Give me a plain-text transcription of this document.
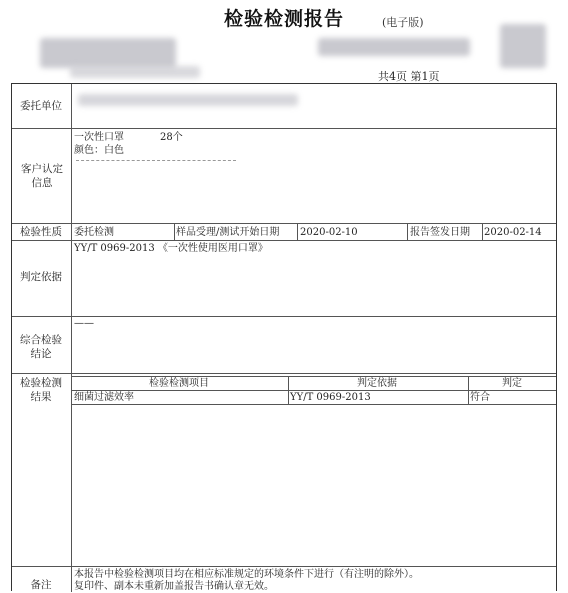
检验检测报告	(电子版)
共4页 第1页
委托单位
客户认定信息
一次性口罩	28个
颜色：白色
检验性质	委托检测	样品受理/测试开始日期 2020-02-10	报告签发日期 2020-02-14
判定依据
YY/T 0969-2013 《一次性使用医用口罩》
综合检验结论
——
检验检测结果
检验检测项目	判定依据	判定
细菌过滤效率	YY/T 0969-2013	符合
备注
本报告中检验检测项目均在相应标准规定的环境条件下进行（有注明的除外）。
复印件、副本未重新加盖报告书确认章无效。
